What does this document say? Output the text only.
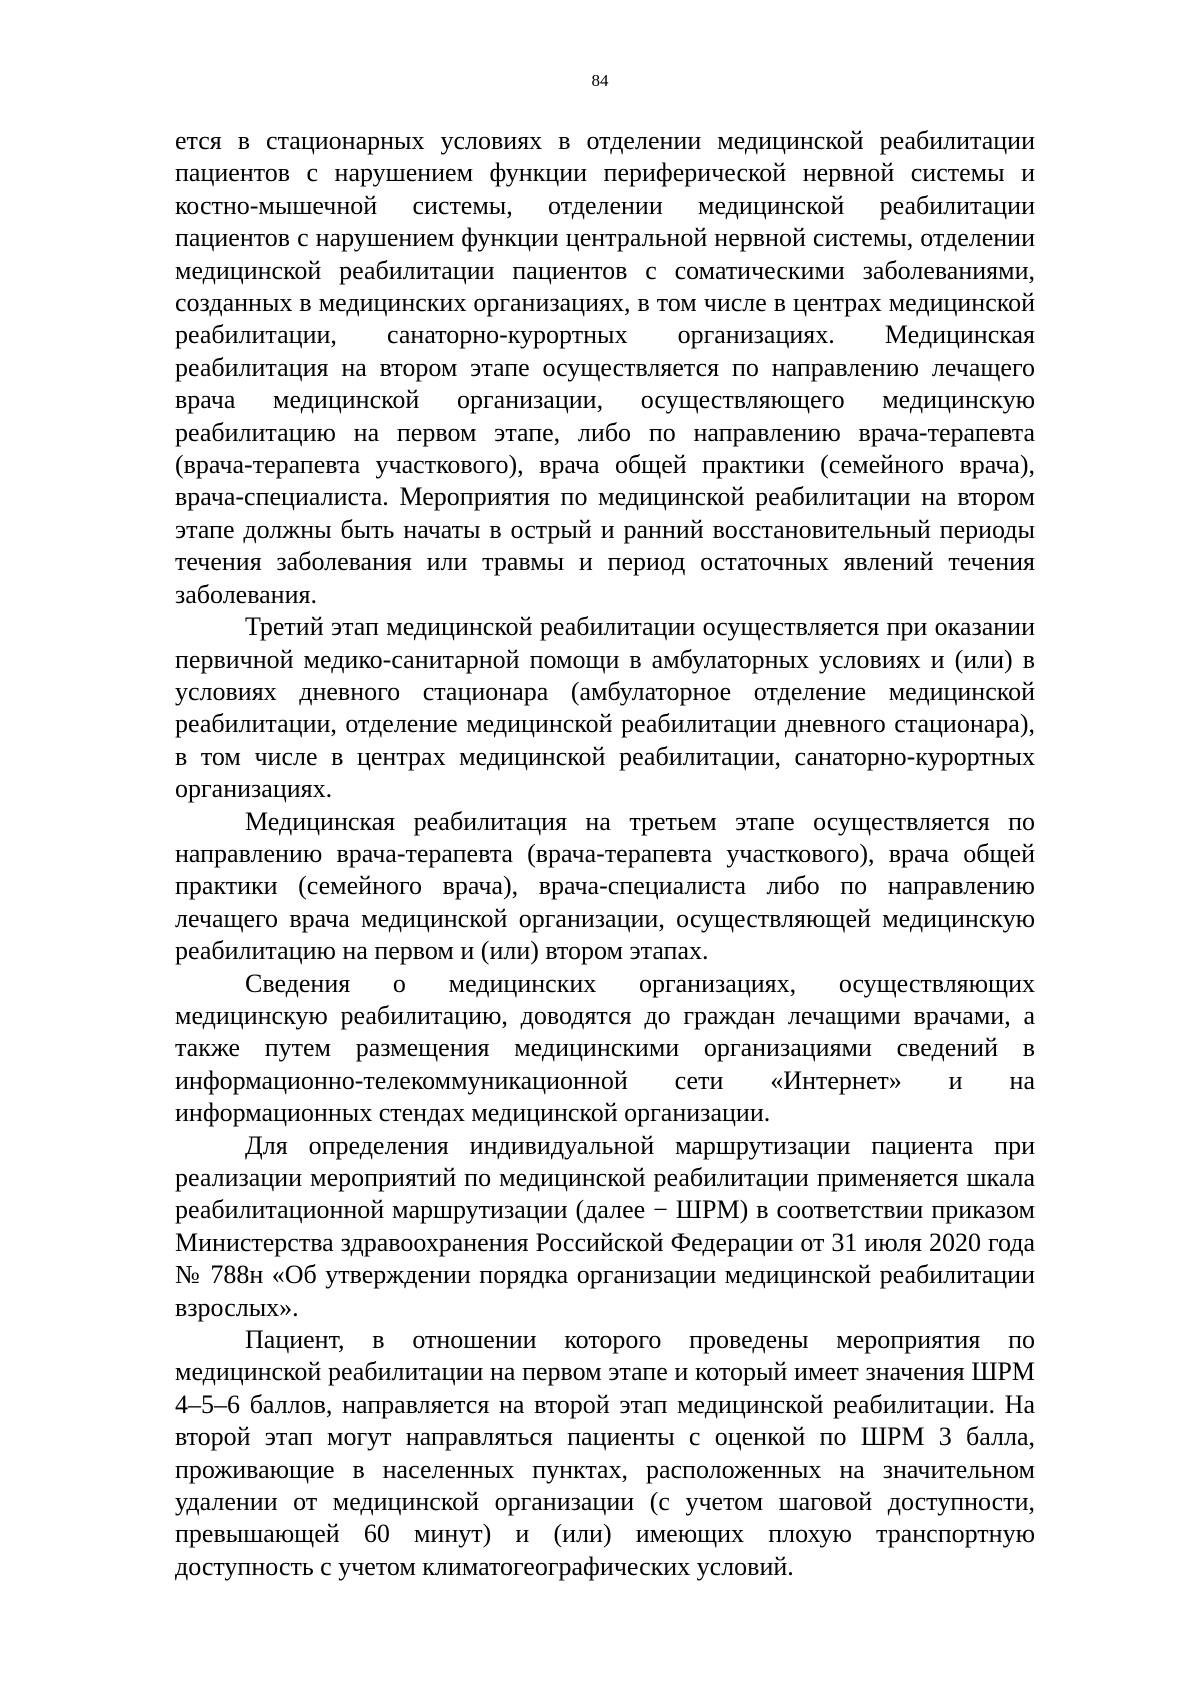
84

ется в стационарных условиях в отделении медицинской реабилитации пациентов с нарушением функции периферической нервной системы и костно-мышечной системы, отделении медицинской реабилитации пациентов с нарушением функции центральной нервной системы, отделении медицинской реабилитации пациентов с соматическими заболеваниями, созданных в медицинских организациях, в том числе в центрах медицинской реабилитации, санаторно-курортных организациях. Медицинская реабилитация на втором этапе осуществляется по направлению лечащего врача медицинской организации, осуществляющего медицинскую реабилитацию на первом этапе, либо по направлению врача-терапевта (врача-терапевта участкового), врача общей практики (семейного врача), врача-специалиста. Мероприятия по медицинской реабилитации на втором этапе должны быть начаты в острый и ранний восстановительный периоды течения заболевания или травмы и период остаточных явлений течения заболевания.

Третий этап медицинской реабилитации осуществляется при оказании первичной медико-санитарной помощи в амбулаторных условиях и (или) в условиях дневного стационара (амбулаторное отделение медицинской реабилитации, отделение медицинской реабилитации дневного стационара), в том числе в центрах медицинской реабилитации, санаторно-курортных организациях.

Медицинская реабилитация на третьем этапе осуществляется по направлению врача-терапевта (врача-терапевта участкового), врача общей практики (семейного врача), врача-специалиста либо по направлению лечащего врача медицинской организации, осуществляющей медицинскую реабилитацию на первом и (или) втором этапах.

Сведения о медицинских организациях, осуществляющих медицинскую реабилитацию, доводятся до граждан лечащими врачами, а также путем размещения медицинскими организациями сведений в информационно-телекоммуникационной сети «Интернет» и на информационных стендах медицинской организации.

Для определения индивидуальной маршрутизации пациента при реализации мероприятий по медицинской реабилитации применяется шкала реабилитационной маршрутизации (далее − ШРМ) в соответствии приказом Министерства здравоохранения Российской Федерации от 31 июля 2020 года № 788н «Об утверждении порядка организации медицинской реабилитации взрослых».

Пациент, в отношении которого проведены мероприятия по медицинской реабилитации на первом этапе и который имеет значения ШРМ 4–5–6 баллов, направляется на второй этап медицинской реабилитации. На второй этап могут направляться пациенты с оценкой по ШРМ 3 балла, проживающие в населенных пунктах, расположенных на значительном удалении от медицинской организации (с учетом шаговой доступности, превышающей 60 минут) и (или) имеющих плохую транспортную доступность с учетом климатогеографических условий.
